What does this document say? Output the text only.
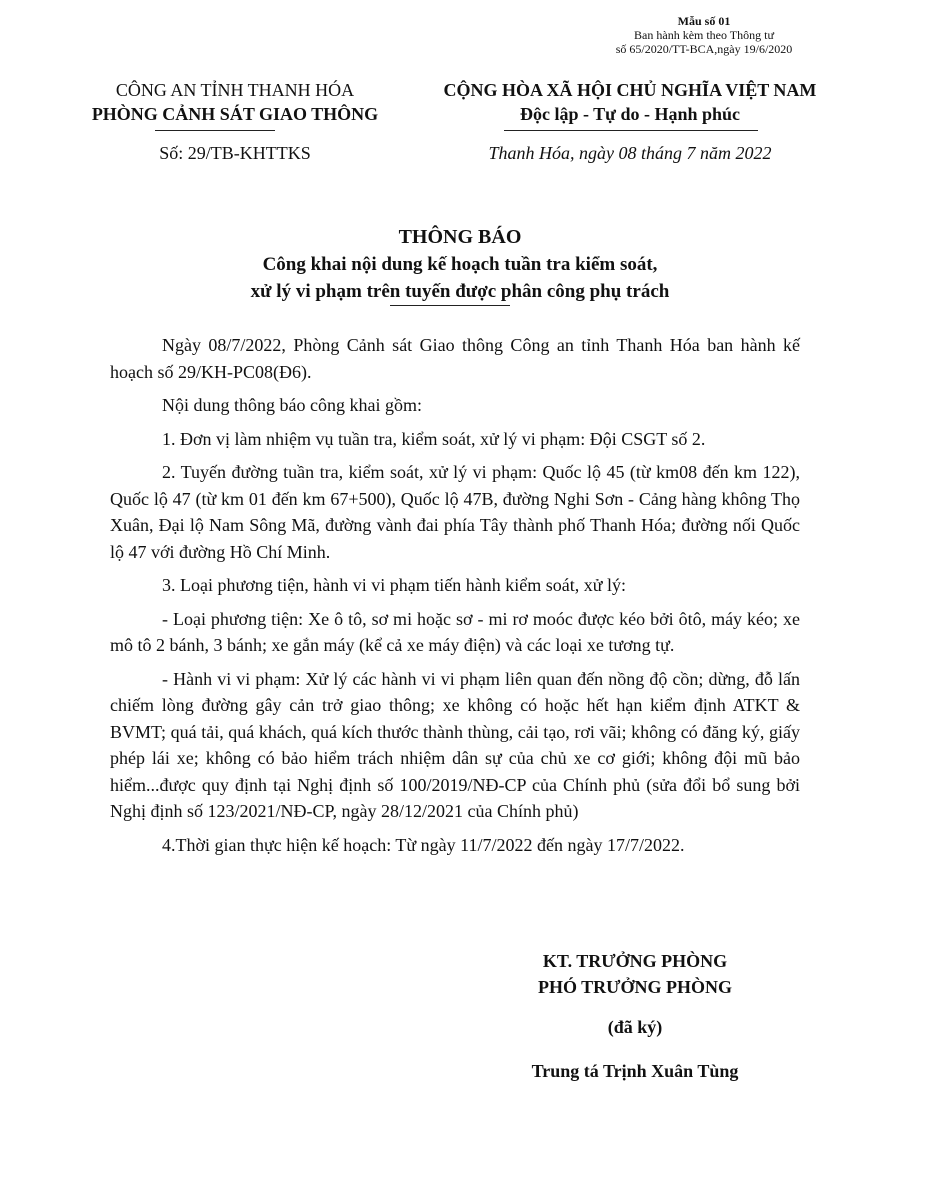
Mẫu số 01
Ban hành kèm theo Thông tư
số 65/2020/TT-BCA,ngày 19/6/2020
CÔNG AN TỈNH THANH HÓA
PHÒNG CẢNH SÁT GIAO THÔNG
CỘNG HÒA XÃ HỘI CHỦ NGHĨA VIỆT NAM
Độc lập - Tự do - Hạnh phúc
Số: 29/TB-KHTTKS	Thanh Hóa, ngày 08 tháng 7 năm 2022
THÔNG BÁO
Công khai nội dung kế hoạch tuần tra kiểm soát,
xử lý vi phạm trên tuyến được phân công phụ trách

Ngày 08/7/2022, Phòng Cảnh sát Giao thông Công an tỉnh Thanh Hóa ban hành kế hoạch số 29/KH-PC08(Đ6).

Nội dung thông báo công khai gồm:

1. Đơn vị làm nhiệm vụ tuần tra, kiểm soát, xử lý vi phạm: Đội CSGT số 2.

2. Tuyến đường tuần tra, kiểm soát, xử lý vi phạm: Quốc lộ 45 (từ km08 đến km 122), Quốc lộ 47 (từ km 01 đến km 67+500), Quốc lộ 47B, đường Nghi Sơn - Cảng hàng không Thọ Xuân, Đại lộ Nam Sông Mã, đường vành đai phía Tây thành phố Thanh Hóa; đường nối Quốc lộ 47 với đường Hồ Chí Minh.

3. Loại phương tiện, hành vi vi phạm tiến hành kiểm soát, xử lý:

- Loại phương tiện: Xe ô tô, sơ mi hoặc sơ - mi rơ moóc được kéo bởi ôtô, máy kéo; xe mô tô 2 bánh, 3 bánh; xe gắn máy (kể cả xe máy điện) và các loại xe tương tự.

- Hành vi vi phạm: Xử lý các hành vi vi phạm liên quan đến nồng độ cồn; dừng, đỗ lấn chiếm lòng đường gây cản trở giao thông; xe không có hoặc hết hạn kiểm định ATKT & BVMT; quá tải, quá khách, quá kích thước thành thùng, cải tạo, rơi vãi; không có đăng ký, giấy phép lái xe; không có bảo hiểm trách nhiệm dân sự của chủ xe cơ giới; không đội mũ bảo hiểm...được quy định tại Nghị định số 100/2019/NĐ-CP của Chính phủ (sửa đổi bổ sung bởi Nghị định số 123/2021/NĐ-CP, ngày 28/12/2021 của Chính phủ)

4.Thời gian thực hiện kế hoạch: Từ ngày 11/7/2022 đến ngày 17/7/2022.

KT. TRƯỞNG PHÒNG
PHÓ TRƯỞNG PHÒNG
(đã ký)
Trung tá Trịnh Xuân Tùng
